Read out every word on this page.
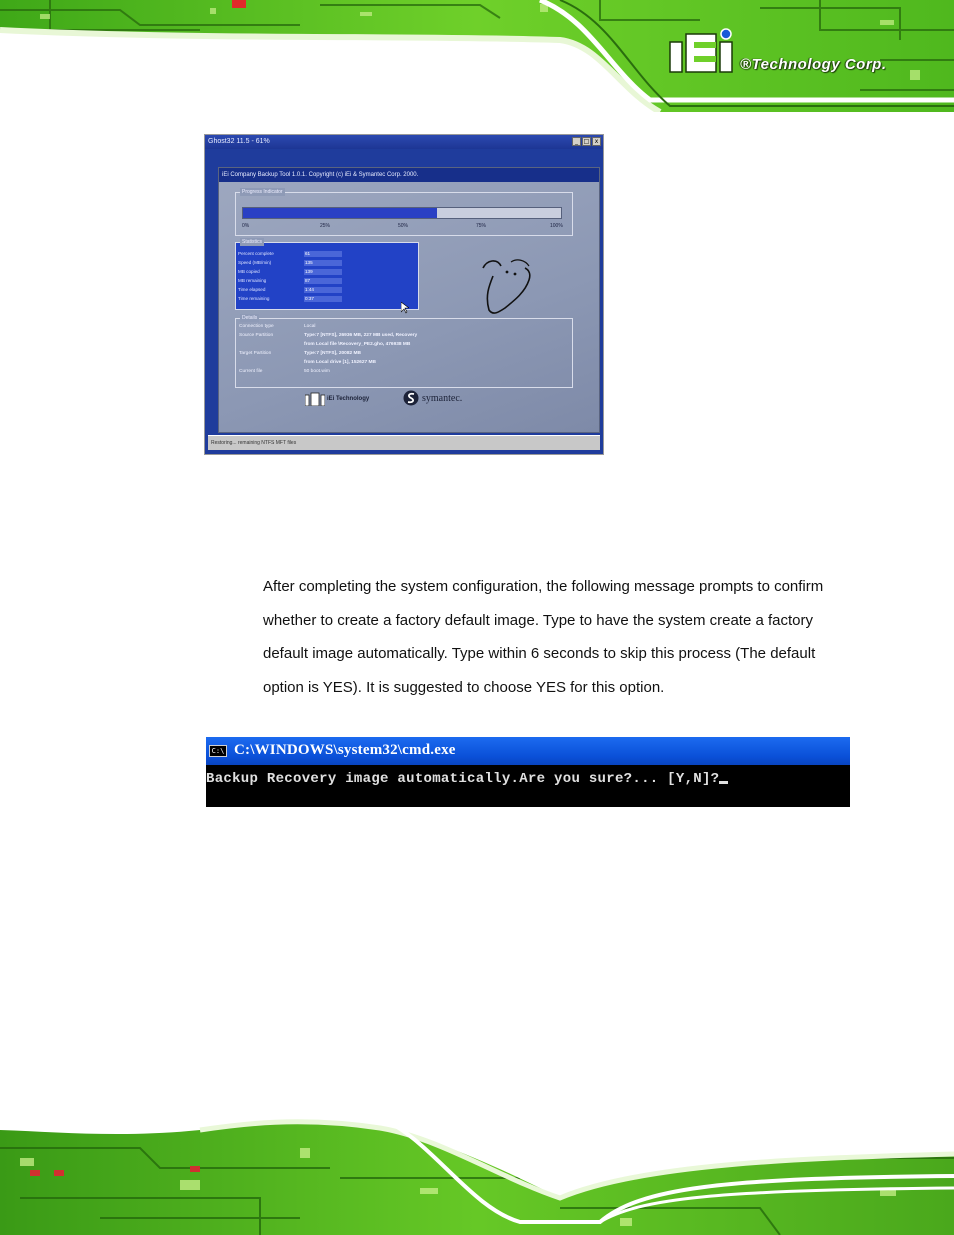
®Technology Corp.
Ghost32 11.5 - 61%	_ □ x
iEi Company Backup Tool 1.0.1. Copyright (c) iEi & Symantec Corp. 2000.
Progress Indicator
0%	25%	50%	75%	100%
Statistics
Percent complete	61
Speed (MB/min)	135
MB copied	139
MB remaining	87
Time elapsed	1:44
Time remaining	0:37
Details
Connection type	Local
Source Partition	Type:7 [NTFS], 26936 MB, 227 MB used, Recovery
from Local file \Recovery_PE2.gho, 476938 MB
Target Partition	Type:7 [NTFS], 20082 MB
from Local drive [1], 152627 MB
Current file	50 boot.wim
iEi Technology	symantec.
Restoring... remaining NTFS MFT files

After completing the system configuration, the following message prompts to confirm whether to create a factory default image. Type to have the system create a factory default image automatically. Type within 6 seconds to skip this process (The default option is YES). It is suggested to choose YES for this option.

C:\ C:\WINDOWS\system32\cmd.exe
Backup Recovery image automatically.Are you sure?... [Y,N]?
